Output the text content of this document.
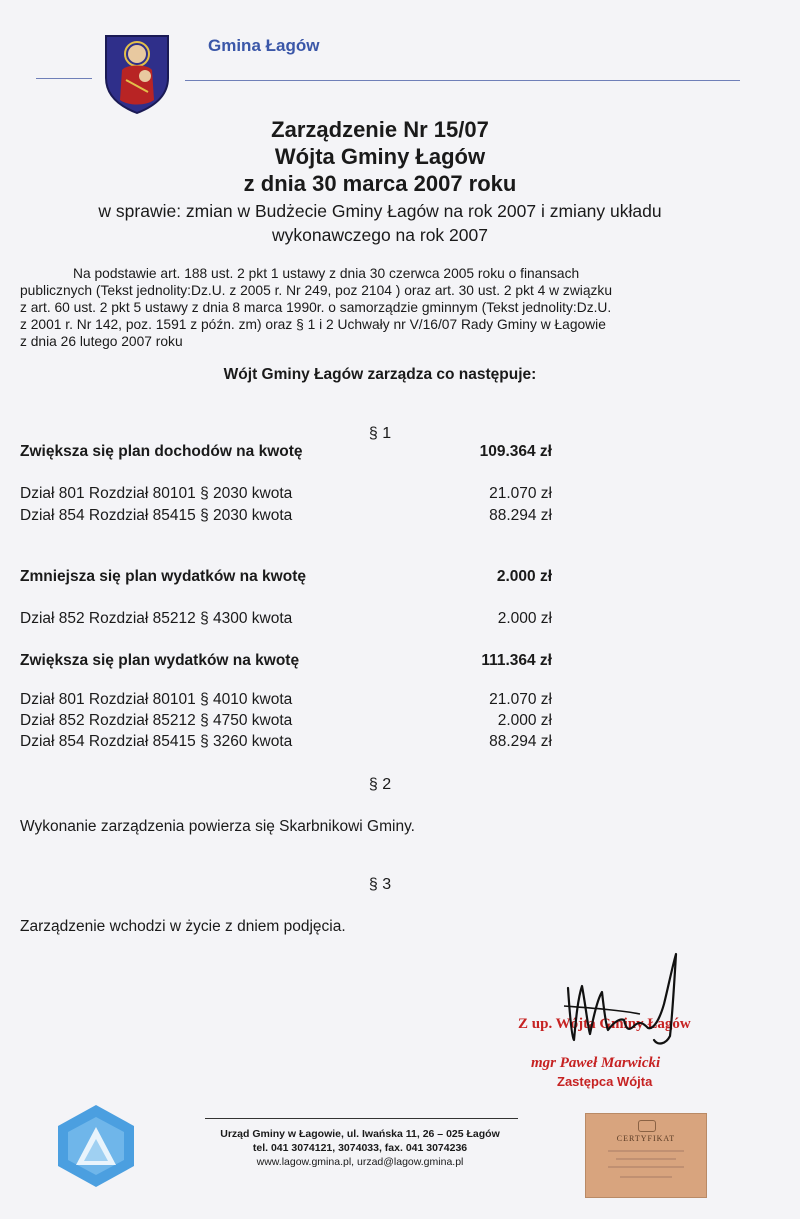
Gmina Łagów
Zarządzenie Nr 15/07
Wójta Gminy Łagów
z dnia 30 marca 2007 roku
w sprawie: zmian w Budżecie Gminy Łagów na rok 2007 i zmiany układu
wykonawczego na rok 2007
Na podstawie art. 188 ust. 2 pkt 1 ustawy z dnia 30 czerwca 2005 roku o finansach
publicznych (Tekst jednolity:Dz.U. z 2005 r. Nr 249, poz 2104 ) oraz art. 30 ust. 2 pkt 4 w związku
z art. 60 ust. 2 pkt 5 ustawy z dnia 8 marca 1990r. o samorządzie gminnym (Tekst jednolity:Dz.U.
z 2001 r. Nr 142, poz. 1591 z późn. zm) oraz § 1 i 2 Uchwały nr V/16/07 Rady Gminy w Łagowie
z dnia 26 lutego 2007 roku
Wójt Gminy Łagów zarządza co następuje:
§ 1
Zwiększa się plan dochodów na kwotę	109.364 zł
Dział 801 Rozdział 80101 § 2030 kwota	21.070 zł
Dział 854 Rozdział 85415 § 2030 kwota	88.294 zł
Zmniejsza się plan wydatków na kwotę	2.000 zł
Dział 852 Rozdział 85212 § 4300 kwota	2.000 zł
Zwiększa się plan wydatków na kwotę	111.364 zł
Dział 801 Rozdział 80101 § 4010 kwota	21.070 zł
Dział 852 Rozdział 85212 § 4750 kwota	2.000 zł
Dział 854 Rozdział 85415 § 3260 kwota	88.294 zł
§ 2
Wykonanie zarządzenia powierza się Skarbnikowi Gminy.
§ 3
Zarządzenie wchodzi w życie z dniem podjęcia.
Z up. Wójta Gminy Łagów
mgr Paweł Marwicki
Zastępca Wójta
Urząd Gminy w Łagowie, ul. Iwańska 11, 26 – 025 Łagów
tel. 041 3074121, 3074033, fax. 041 3074236
www.lagow.gmina.pl, urzad@lagow.gmina.pl
CERTYFIKAT
